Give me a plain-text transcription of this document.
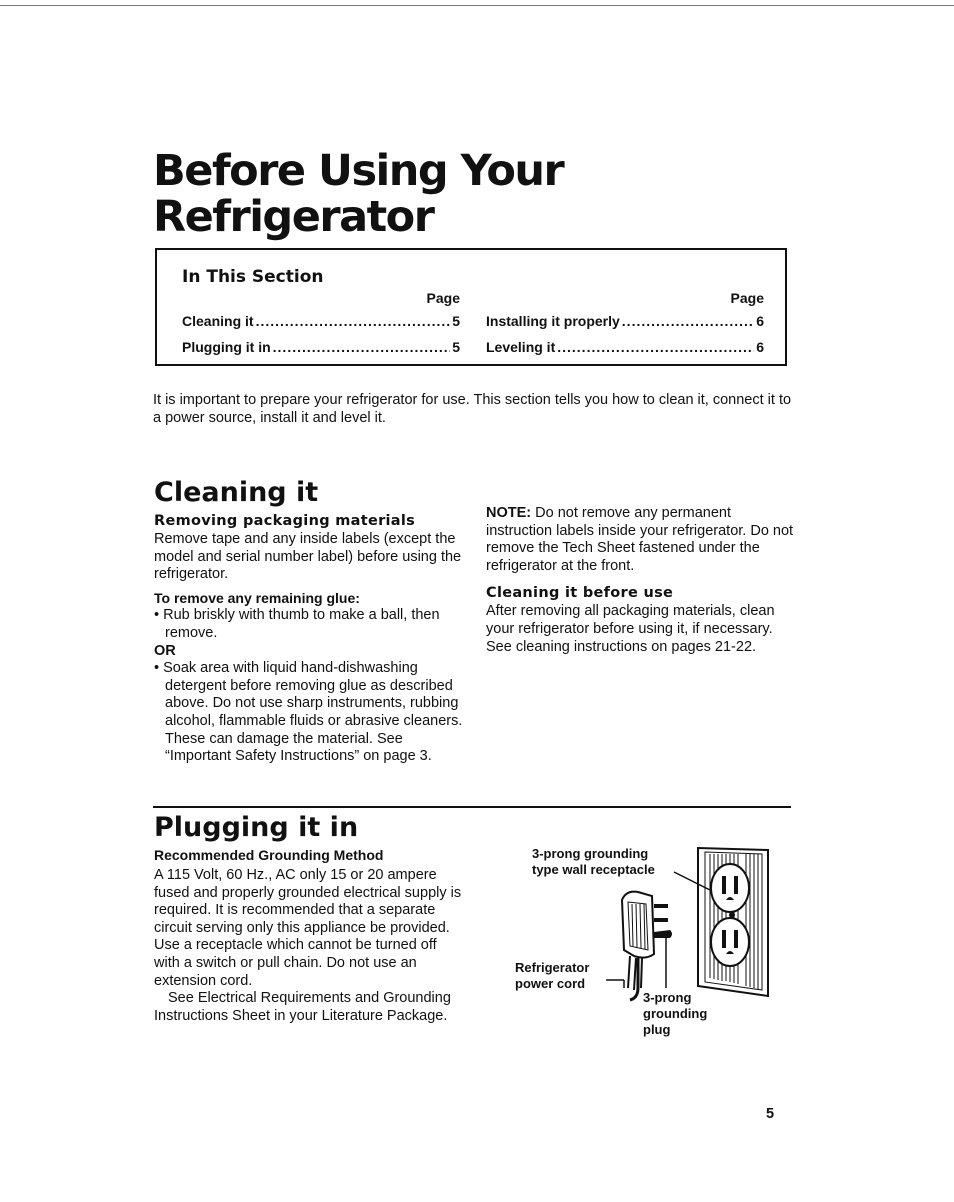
Before Using Your
Refrigerator
In This Section
Page
Cleaning it .....	5
Plugging it in .....	5
Page
Installing it properly .....	6
Leveling it .....	6

It is important to prepare your refrigerator for use. This section tells you how to clean it, connect it to a power source, install it and level it.

Cleaning it

Removing packaging materials

Remove tape and any inside labels (except the model and serial number label) before using the refrigerator.

To remove any remaining glue:

• Rub briskly with thumb to make a ball, then remove.

OR

• Soak area with liquid hand-dishwashing detergent before removing glue as described above. Do not use sharp instruments, rubbing alcohol, flammable fluids or abrasive cleaners. These can damage the material. See “Important Safety Instructions” on page 3.

NOTE: Do not remove any permanent instruction labels inside your refrigerator. Do not remove the Tech Sheet fastened under the refrigerator at the front.

Cleaning it before use

After removing all packaging materials, clean your refrigerator before using it, if necessary. See cleaning instructions on pages 21-22.

Plugging it in

Recommended Grounding Method

A 115 Volt, 60 Hz., AC only 15 or 20 ampere fused and properly grounded electrical supply is required. It is recommended that a separate circuit serving only this appliance be provided. Use a receptacle which cannot be turned off with a switch or pull chain. Do not use an extension cord.

See Electrical Requirements and Grounding Instructions Sheet in your Literature Package.

3-prong grounding
type wall receptacle

Refrigerator
power cord

3-prong
grounding
plug

5
